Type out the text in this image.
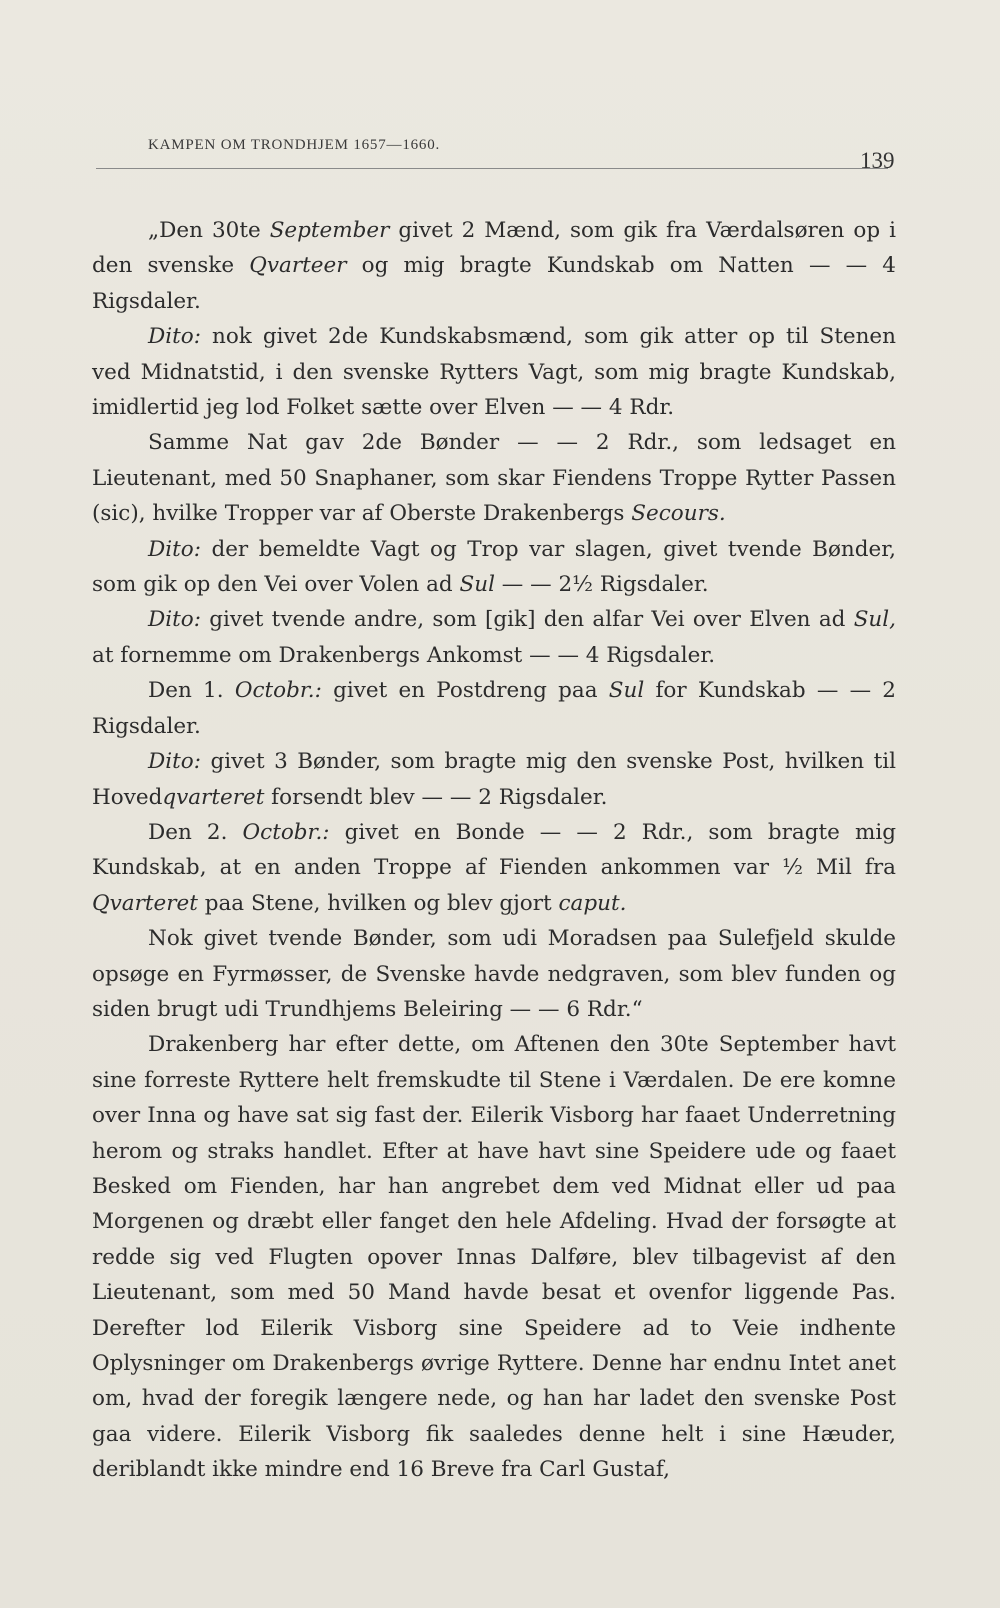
KAMPEN OM TRONDHJEM 1657—1660.
139

„Den 30te September givet 2 Mænd, som gik fra Værdalsøren op i den svenske Qvarteer og mig bragte Kundskab om Natten — — 4 Rigsdaler.

Dito: nok givet 2de Kundskabsmænd, som gik atter op til Stenen ved Midnatstid, i den svenske Rytters Vagt, som mig bragte Kundskab, imidlertid jeg lod Folket sætte over Elven — — 4 Rdr.

Samme Nat gav 2de Bønder — — 2 Rdr., som ledsaget en Lieutenant, med 50 Snaphaner, som skar Fiendens Troppe Rytter Passen (sic), hvilke Tropper var af Oberste Drakenbergs Secours.

Dito: der bemeldte Vagt og Trop var slagen, givet tvende Bønder, som gik op den Vei over Volen ad Sul — — 2½ Rigsdaler.

Dito: givet tvende andre, som [gik] den alfar Vei over Elven ad Sul, at fornemme om Drakenbergs Ankomst — — 4 Rigsdaler.

Den 1. Octobr.: givet en Postdreng paa Sul for Kundskab — — 2 Rigsdaler.

Dito: givet 3 Bønder, som bragte mig den svenske Post, hvilken til Hovedqvarteret forsendt blev — — 2 Rigsdaler.

Den 2. Octobr.: givet en Bonde — — 2 Rdr., som bragte mig Kundskab, at en anden Troppe af Fienden ankommen var ½ Mil fra Qvarteret paa Stene, hvilken og blev gjort caput.

Nok givet tvende Bønder, som udi Moradsen paa Sulefjeld skulde opsøge en Fyrmøsser, de Svenske havde nedgraven, som blev funden og siden brugt udi Trundhjems Beleiring — — 6 Rdr.“

Drakenberg har efter dette, om Aftenen den 30te September havt sine forreste Ryttere helt fremskudte til Stene i Værdalen. De ere komne over Inna og have sat sig fast der. Eilerik Visborg har faaet Underretning herom og straks handlet. Efter at have havt sine Speidere ude og faaet Besked om Fienden, har han angrebet dem ved Midnat eller ud paa Morgenen og dræbt eller fanget den hele Afdeling. Hvad der forsøgte at redde sig ved Flugten opover Innas Dalføre, blev tilbagevist af den Lieutenant, som med 50 Mand havde besat et ovenfor liggende Pas. Derefter lod Eilerik Visborg sine Speidere ad to Veie indhente Oplysninger om Drakenbergs øvrige Ryttere. Denne har endnu Intet anet om, hvad der foregik længere nede, og han har ladet den svenske Post gaa videre. Eilerik Visborg fik saaledes denne helt i sine Hæuder, deriblandt ikke mindre end 16 Breve fra Carl Gustaf,
